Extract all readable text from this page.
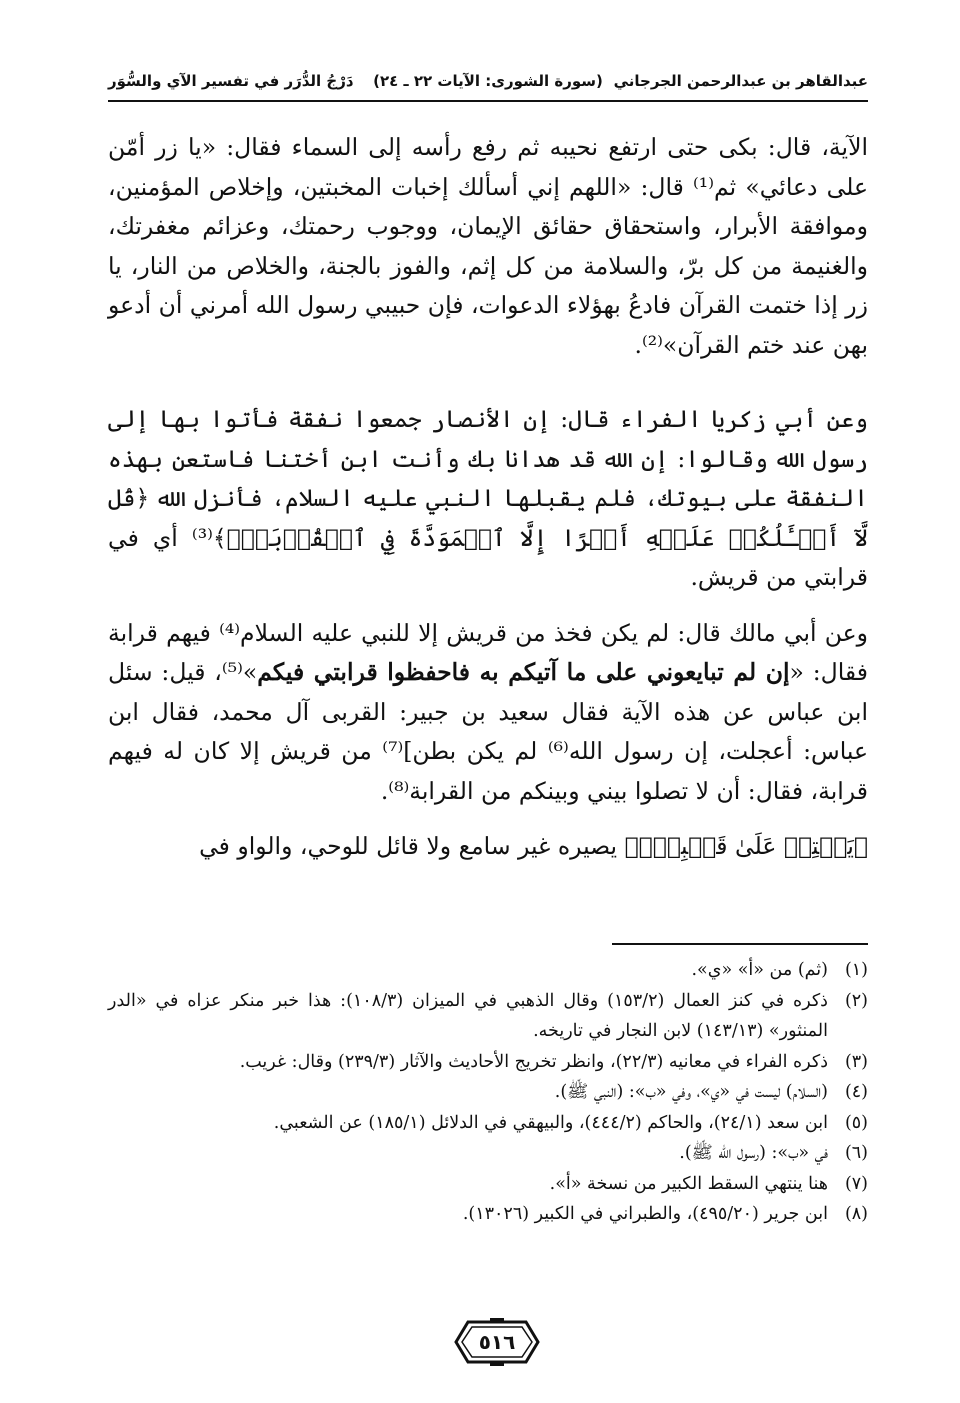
عبدالقاهر بن عبدالرحمن الجرجاني
(سورة الشورى: الآيات ٢٢ ـ ٢٤)
دَرْجُ الدُّرَر في تفسير الآي والسُّوَر

الآية، قال: بكى حتى ارتفع نحيبه ثم رفع رأسه إلى السماء فقال: «يا زر أمّن على دعائي» ثم⁽¹⁾ قال: «اللهم إني أسألك إخبات المخبتين، وإخلاص المؤمنين، وموافقة الأبرار، واستحقاق حقائق الإيمان، ووجوب رحمتك، وعزائم مغفرتك، والغنيمة من كل برّ، والسلامة من كل إثم، والفوز بالجنة، والخلاص من النار، يا زر إذا ختمت القرآن فادعُ بهؤلاء الدعوات، فإن حبيبي رسول الله أمرني أن أدعو بهن عند ختم القرآن»⁽²⁾.

وعن أبي زكريا الفراء قال: إن الأنصار جمعوا نفقة فأتوا بها إلى رسول الله وقالوا: إن الله قد هدانا بك وأنت ابن أختنا فاستعن بهذه النفقة على بيوتك، فلم يقبلها النبي عليه السلام، فأنزل الله ﴿قُل لَّآ أَسۡـَٔلُكُمۡ عَلَيۡهِ أَجۡرًا إِلَّا ٱلۡمَوَدَّةَ فِي ٱلۡقُرۡبَىٰۗ﴾⁽³⁾ أي في قرابتي من قريش.

وعن أبي مالك قال: لم يكن فخذ من قريش إلا للنبي عليه السلام⁽⁴⁾ فيهم قرابة فقال: «إن لم تبايعوني على ما آتيكم به فاحفظوا قرابتي فيكم»⁽⁵⁾، قيل: سئل ابن عباس عن هذه الآية فقال سعيد بن جبير: القربى آل محمد، فقال ابن عباس: أعجلت، إن رسول الله⁽⁶⁾ لم يكن بطن]⁽⁷⁾ من قريش إلا كان له فيهم قرابة، فقال: أن لا تصلوا بيني وبينكم من القرابة⁽⁸⁾.

﴿يَخۡتِمۡ عَلَىٰ قَلۡبِكَۗ﴾ يصيره غير سامع ولا قائل للوحي، والواو في

(١)
(ثم) من «أ» «ي».
(٢)
ذكره في كنز العمال (١٥٣/٢) وقال الذهبي في الميزان (١٠٨/٣): هذا خبر منكر عزاه في «الدر المنثور» (١٤٣/١٣) لابن النجار في تاريخه.
(٣)
ذكره الفراء في معانيه (٢٢/٣)، وانظر تخريج الأحاديث والآثار (٢٣٩/٣) وقال: غريب.
(٤)
(السلام) ليست في «ي»، وفي «ب»: (النبي ﷺ).
(٥)
ابن سعد (٢٤/١)، والحاكم (٤٤٤/٢)، والبيهقي في الدلائل (١٨٥/١) عن الشعبي.
(٦)
في «ب»: (رسول الله ﷺ).
(٧)
هنا ينتهي السقط الكبير من نسخة «أ».
(٨)
ابن جرير (٤٩٥/٢٠)، والطبراني في الكبير (١٣٠٢٦).
٥١٦
